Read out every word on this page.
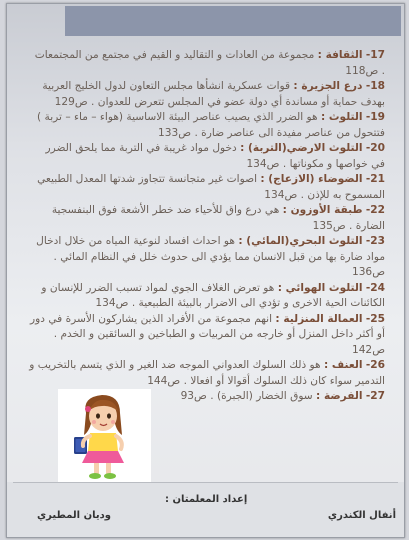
17- الثقافة : مجموعة من العادات و التقاليد و القيم في مجتمع من المجتمعات . ص118

18- درع الجزيرة : قوات عسكرية انشأها مجلس التعاون لدول الخليج العربية بهدف حماية أو مساندة أي دولة عضو في المجلس تتعرض للعدوان . ص129

19- التلوث : هو الضرر الذي يصيب عناصر البيئة الاساسية (هواء – ماء – تربة ) فتتحول من عناصر مفيدة الى عناصر ضارة . ص133

20- التلوث الارضي(التربة) : دخول مواد غريبة في التربة مما يلحق الضرر في خواصها و مكوناتها . ص134

21- الضوضاء (الازعاج) : اصوات غير متجانسة تتجاوز شدتها المعدل الطبيعي المسموح به للإذن . ص134

22- طبقة الأوزون : هي درع واق للأحياء ضد خطر الأشعة فوق البنفسجية الضارة . ص135

23- التلوث البحري(المائي) : هو احداث افساد لنوعية المياه من خلال ادخال مواد ضارة بها من قبل الانسان مما يؤدي الى حدوث خلل في النظام المائي . ص136

24- التلوث الهوائي : هو تعرض الغلاف الجوي لمواد تسبب الضرر للإنسان و الكائنات الحية الاخرى و تؤدي الى الاضرار بالبيئة الطبيعية . ص134

25- العمالة المنزلية : انهم مجموعة من الأفراد الذين يشاركون الأسرة في دور أو أكثر داخل المنزل أو خارجه من المربيات و الطباخين و السائقين و الخدم . ص142

26- العنف : هو ذلك السلوك العدواني الموجه ضد الغير و الذي يتسم بالتخريب و التدمير سواء كان ذلك السلوك أقوالا أو افعالا . ص144

27- الفرضة : سوق الخضار (الجبرة) . ص93

إعداد المعلمتان :
أنفال الكندري
وديان المطيري
